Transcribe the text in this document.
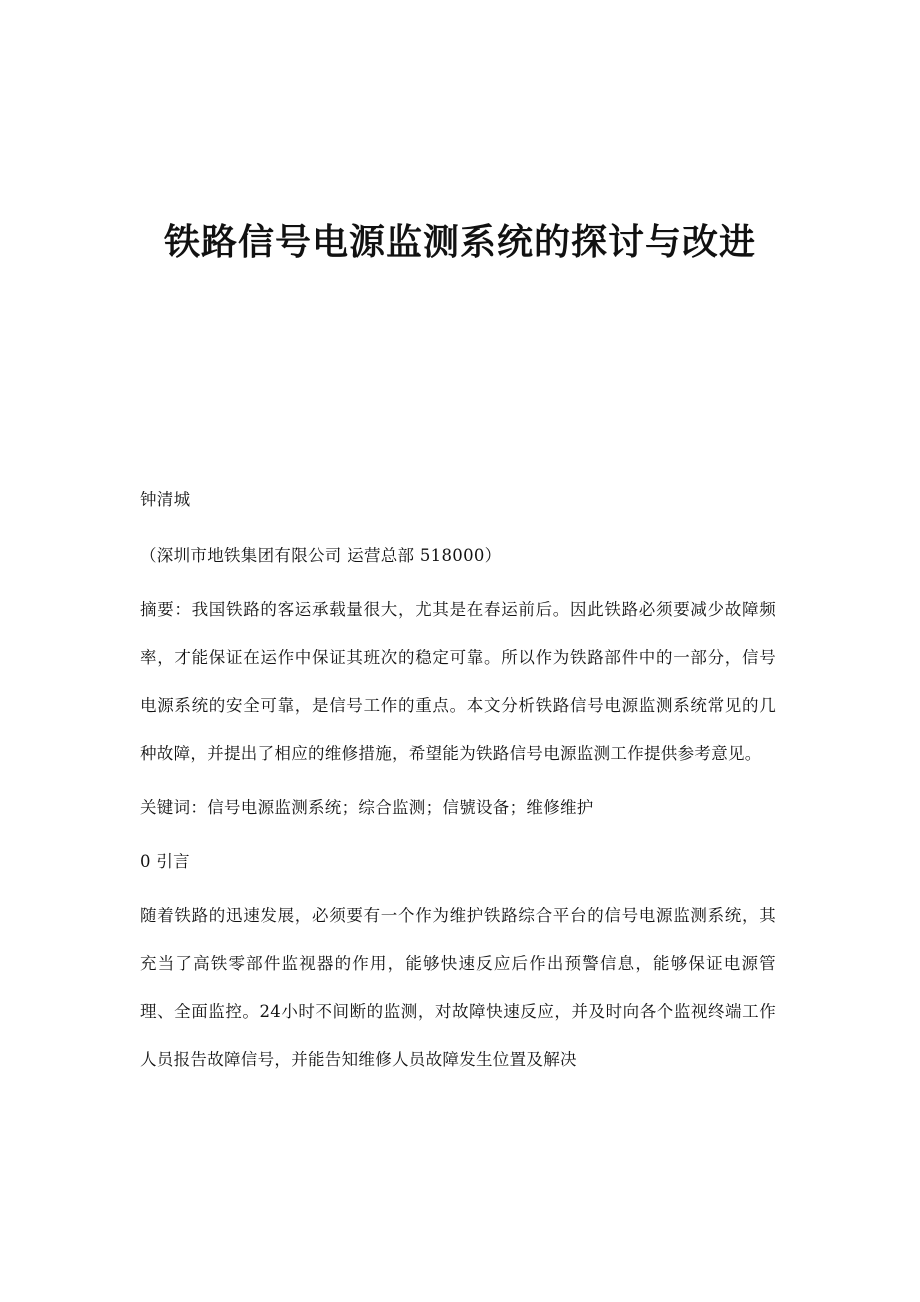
铁路信号电源监测系统的探讨与改进

钟清城

（深圳市地铁集团有限公司 运营总部 518000）

摘要：我国铁路的客运承载量很大，尤其是在春运前后。因此铁路必须要减少故障频率，才能保证在运作中保证其班次的稳定可靠。所以作为铁路部件中的一部分，信号电源系统的安全可靠，是信号工作的重点。本文分析铁路信号电源监测系统常见的几种故障，并提出了相应的维修措施，希望能为铁路信号电源监测工作提供参考意见。

关键词：信号电源监测系统；综合监测；信號设备；维修维护

0 引言

随着铁路的迅速发展，必须要有一个作为维护铁路综合平台的信号电源监测系统，其充当了高铁零部件监视器的作用，能够快速反应后作出预警信息，能够保证电源管理、全面监控。24小时不间断的监测，对故障快速反应，并及时向各个监视终端工作人员报告故障信号，并能告知维修人员故障发生位置及解决
